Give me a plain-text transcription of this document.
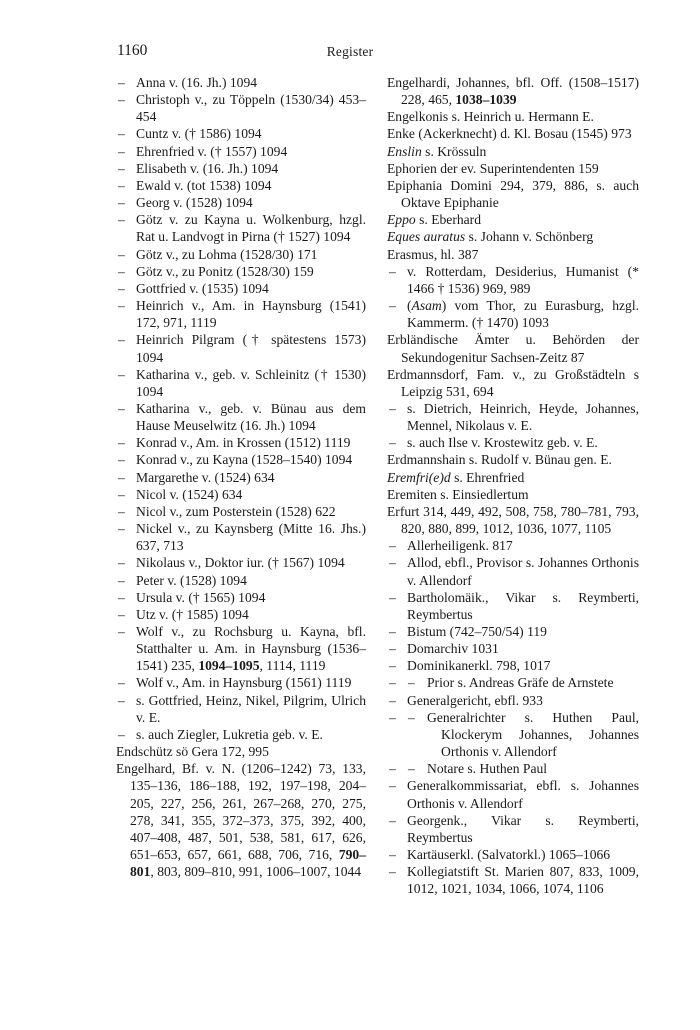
1160	Register
– Anna v. (16. Jh.) 1094
– Christoph v., zu Töppeln (1530/34) 453–454
– Cuntz v. († 1586) 1094
– Ehrenfried v. († 1557) 1094
– Elisabeth v. (16. Jh.) 1094
– Ewald v. (tot 1538) 1094
– Georg v. (1528) 1094
– Götz v. zu Kayna u. Wolkenburg, hzgl. Rat u. Landvogt in Pirna († 1527) 1094
– Götz v., zu Lohma (1528/30) 171
– Götz v., zu Ponitz (1528/30) 159
– Gottfried v. (1535) 1094
– Heinrich v., Am. in Haynsburg (1541) 172, 971, 1119
– Heinrich Pilgram († spätestens 1573) 1094
– Katharina v., geb. v. Schleinitz († 1530) 1094
– Katharina v., geb. v. Bünau aus dem Hause Meuselwitz (16. Jh.) 1094
– Konrad v., Am. in Krossen (1512) 1119
– Konrad v., zu Kayna (1528–1540) 1094
– Margarethe v. (1524) 634
– Nicol v. (1524) 634
– Nicol v., zum Posterstein (1528) 622
– Nickel v., zu Kaynsberg (Mitte 16. Jhs.) 637, 713
– Nikolaus v., Doktor iur. († 1567) 1094
– Peter v. (1528) 1094
– Ursula v. († 1565) 1094
– Utz v. († 1585) 1094
– Wolf v., zu Rochsburg u. Kayna, bfl. Statthalter u. Am. in Haynsburg (1536–1541) 235, 1094–1095, 1114, 1119
– Wolf v., Am. in Haynsburg (1561) 1119
– s. Gottfried, Heinz, Nikel, Pilgrim, Ulrich v. E.
– s. auch Ziegler, Lukretia geb. v. E.
Endschütz sö Gera 172, 995
Engelhard, Bf. v. N. (1206–1242) 73, 133, 135–136, 186–188, 192, 197–198, 204–205, 227, 256, 261, 267–268, 270, 275, 278, 341, 355, 372–373, 375, 392, 400, 407–408, 487, 501, 538, 581, 617, 626, 651–653, 657, 661, 688, 706, 716, 790–801, 803, 809–810, 991, 1006–1007, 1044
Engelhardi, Johannes, bfl. Off. (1508–1517) 228, 465, 1038–1039
Engelkonis s. Heinrich u. Hermann E.
Enke (Ackerknecht) d. Kl. Bosau (1545) 973
Enslin s. Krössuln
Ephorien der ev. Superintendenten 159
Epiphania Domini 294, 379, 886, s. auch Oktave Epiphanie
Eppo s. Eberhard
Eques auratus s. Johann v. Schönberg
Erasmus, hl. 387
– v. Rotterdam, Desiderius, Humanist (* 1466 † 1536) 969, 989
– (Asam) vom Thor, zu Eurasburg, hzgl. Kammerm. († 1470) 1093
Erbländische Ämter u. Behörden der Sekundogenitur Sachsen-Zeitz 87
Erdmannsdorf, Fam. v., zu Großstädteln s Leipzig 531, 694
– s. Dietrich, Heinrich, Heyde, Johannes, Mennel, Nikolaus v. E.
– s. auch Ilse v. Krostewitz geb. v. E.
Erdmannshain s. Rudolf v. Bünau gen. E.
Eremfri(e)d s. Ehrenfried
Eremiten s. Einsiedlertum
Erfurt 314, 449, 492, 508, 758, 780–781, 793, 820, 880, 899, 1012, 1036, 1077, 1105
– Allerheiligenk. 817
– Allod, ebfl., Provisor s. Johannes Orthonis v. Allendorf
– Bartholomäik., Vikar s. Reymberti, Reymbertus
– Bistum (742–750/54) 119
– Domarchiv 1031
– Dominikanerkl. 798, 1017
– – Prior s. Andreas Gräfe de Arnstete
– Generalgericht, ebfl. 933
– – Generalrichter s. Huthen Paul, Klockerym Johannes, Johannes Orthonis v. Allendorf
– – Notare s. Huthen Paul
– Generalkommissariat, ebfl. s. Johannes Orthonis v. Allendorf
– Georgenk., Vikar s. Reymberti, Reymbertus
– Kartäuserkl. (Salvatorkl.) 1065–1066
– Kollegiatstift St. Marien 807, 833, 1009, 1012, 1021, 1034, 1066, 1074, 1106
